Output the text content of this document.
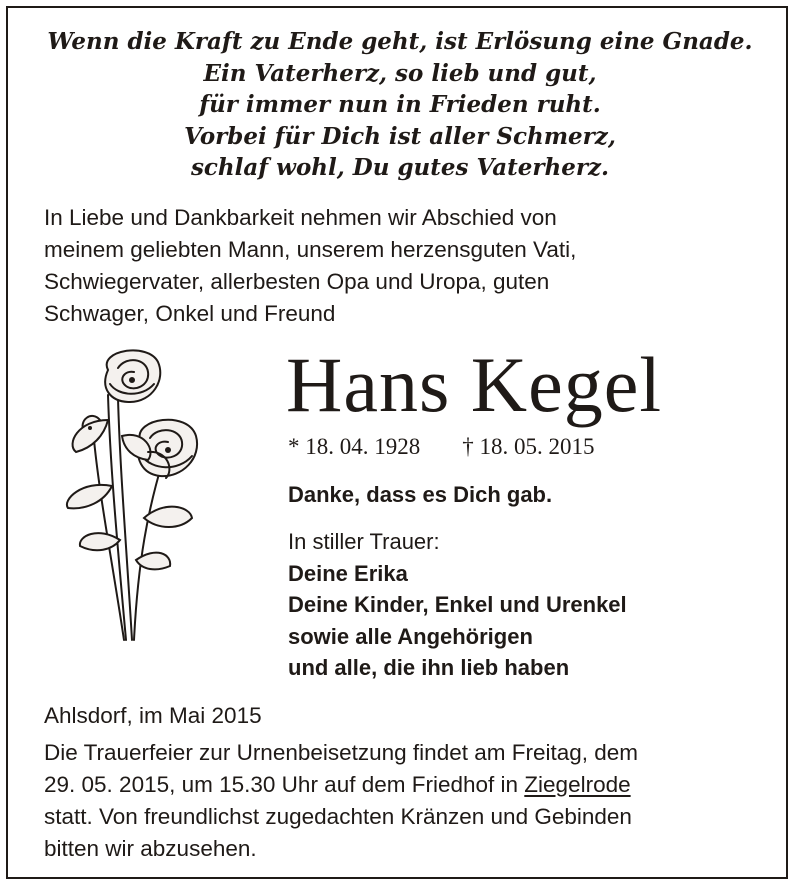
Wenn die Kraft zu Ende geht, ist Erlösung eine Gnade.
Ein Vaterherz, so lieb und gut,
für immer nun in Frieden ruht.
Vorbei für Dich ist aller Schmerz,
schlaf wohl, Du gutes Vaterherz.
In Liebe und Dankbarkeit nehmen wir Abschied von
meinem geliebten Mann, unserem herzensguten Vati,
Schwiegervater, allerbesten Opa und Uropa, guten
Schwager, Onkel und Freund
Hans Kegel
* 18. 04. 1928 † 18. 05. 2015
Danke, dass es Dich gab.
In stiller Trauer:
Deine Erika
Deine Kinder, Enkel und Urenkel
sowie alle Angehörigen
und alle, die ihn lieb haben
Ahlsdorf, im Mai 2015
Die Trauerfeier zur Urnenbeisetzung findet am Freitag, dem
29. 05. 2015, um 15.30 Uhr auf dem Friedhof in Ziegelrode
statt. Von freundlichst zugedachten Kränzen und Gebinden
bitten wir abzusehen.
